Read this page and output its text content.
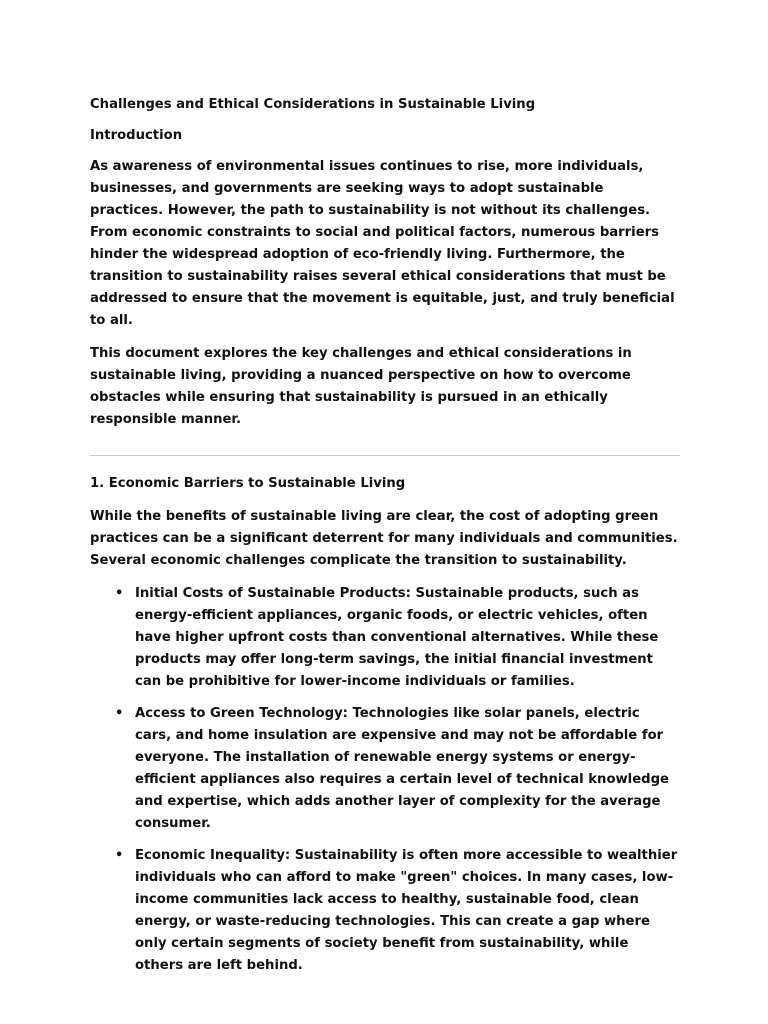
Challenges and Ethical Considerations in Sustainable Living
Introduction

As awareness of environmental issues continues to rise, more individuals, businesses, and governments are seeking ways to adopt sustainable practices. However, the path to sustainability is not without its challenges. From economic constraints to social and political factors, numerous barriers hinder the widespread adoption of eco-friendly living. Furthermore, the transition to sustainability raises several ethical considerations that must be addressed to ensure that the movement is equitable, just, and truly beneficial to all.

This document explores the key challenges and ethical considerations in sustainable living, providing a nuanced perspective on how to overcome obstacles while ensuring that sustainability is pursued in an ethically responsible manner.

1. Economic Barriers to Sustainable Living

While the benefits of sustainable living are clear, the cost of adopting green practices can be a significant deterrent for many individuals and communities. Several economic challenges complicate the transition to sustainability.

• Initial Costs of Sustainable Products: Sustainable products, such as energy-efficient appliances, organic foods, or electric vehicles, often have higher upfront costs than conventional alternatives. While these products may offer long-term savings, the initial financial investment can be prohibitive for lower-income individuals or families.
• Access to Green Technology: Technologies like solar panels, electric cars, and home insulation are expensive and may not be affordable for everyone. The installation of renewable energy systems or energy-efficient appliances also requires a certain level of technical knowledge and expertise, which adds another layer of complexity for the average consumer.
• Economic Inequality: Sustainability is often more accessible to wealthier individuals who can afford to make "green" choices. In many cases, low-income communities lack access to healthy, sustainable food, clean energy, or waste-reducing technologies. This can create a gap where only certain segments of society benefit from sustainability, while others are left behind.
